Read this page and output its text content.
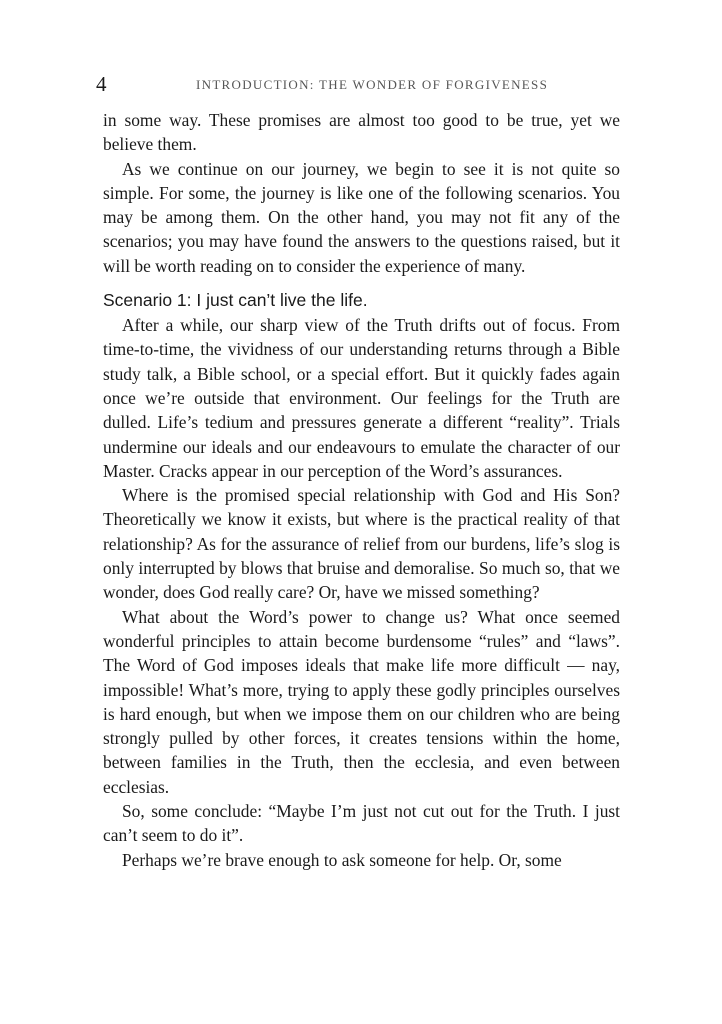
4	INTRODUCTION: THE WONDER OF FORGIVENESS

in some way. These promises are almost too good to be true, yet we believe them.

As we continue on our journey, we begin to see it is not quite so simple. For some, the journey is like one of the following scenarios. You may be among them. On the other hand, you may not fit any of the scenarios; you may have found the answers to the questions raised, but it will be worth reading on to consider the experience of many.

Scenario 1: I just can’t live the life.

After a while, our sharp view of the Truth drifts out of focus. From time-to-time, the vividness of our understanding returns through a Bible study talk, a Bible school, or a special effort. But it quickly fades again once we’re outside that environment. Our feelings for the Truth are dulled. Life’s tedium and pressures generate a different “reality”. Trials undermine our ideals and our endeavours to emulate the character of our Master. Cracks appear in our perception of the Word’s assurances.

Where is the promised special relationship with God and His Son? Theoretically we know it exists, but where is the practical reality of that relationship? As for the assurance of relief from our burdens, life’s slog is only interrupted by blows that bruise and demoralise. So much so, that we wonder, does God really care? Or, have we missed something?

What about the Word’s power to change us? What once seemed wonderful principles to attain become burdensome “rules” and “laws”. The Word of God imposes ideals that make life more difficult — nay, impossible! What’s more, trying to apply these godly principles ourselves is hard enough, but when we impose them on our children who are being strongly pulled by other forces, it creates tensions within the home, between families in the Truth, then the ecclesia, and even between ecclesias.

So, some conclude: “Maybe I’m just not cut out for the Truth. I just can’t seem to do it”.

Perhaps we’re brave enough to ask someone for help. Or, some
